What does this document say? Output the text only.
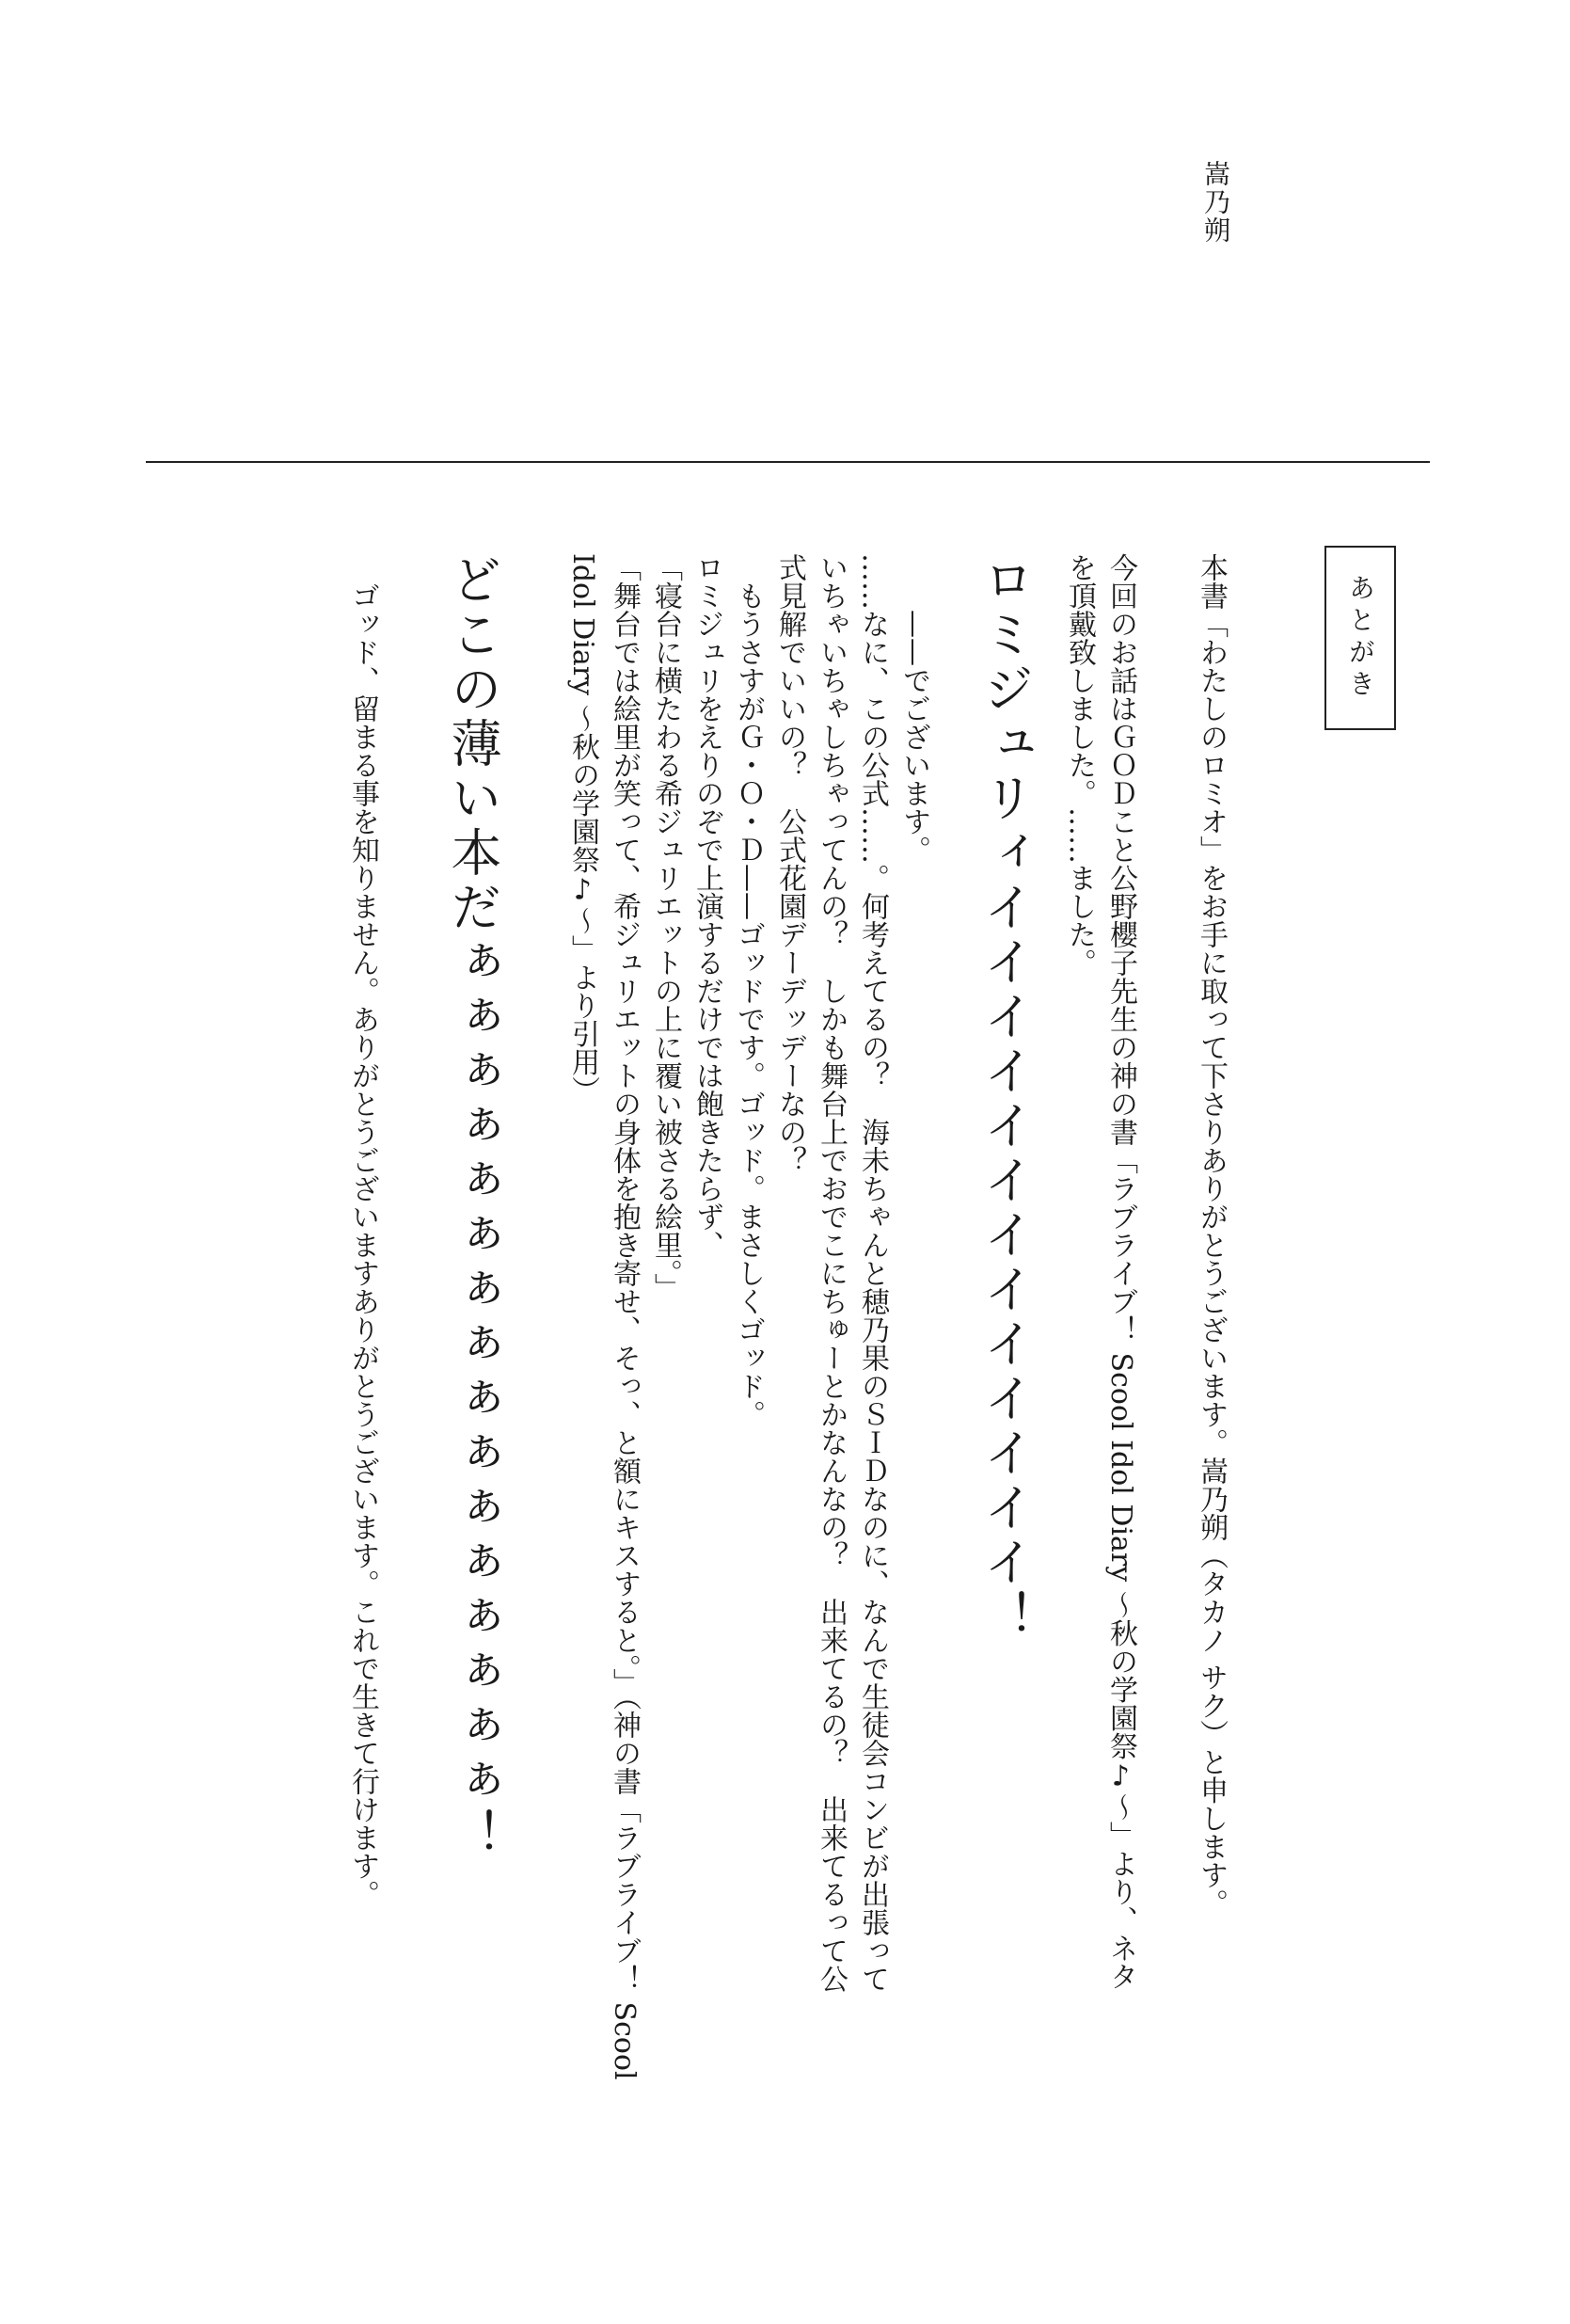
嵩乃朔
あとがき
本書「わたしのロミオ」をお手に取って下さりありがとうございます。嵩乃朔（タカノ サク）と申します。
今回のお話はＧＯＤこと公野櫻子先生の神の書「ラブライブ！ Scool Idol Diary ～秋の学園祭♪～」より、ネタ
を頂戴致しました。……ました。
ロミジュリィイイイイイイイイイイイイイ！
——でございます。
……なに、この公式……。何考えてるの？　海未ちゃんと穂乃果のＳＩＤなのに、なんで生徒会コンビが出張って
いちゃいちゃしちゃってんの？　しかも舞台上でおでこにちゅーとかなんなの？　出来てるの？　出来てるって公
式見解でいいの？　公式花園デーデッデーなの？
もうさすがＧ・Ｏ・Ｄ——ゴッドです。ゴッド。まさしくゴッド。
ロミジュリをえりのぞで上演するだけでは飽きたらず、
「寝台に横たわる希ジュリエットの上に覆い被さる絵里。」
「舞台では絵里が笑って、希ジュリエットの身体を抱き寄せ、そっ、と額にキスすると。」（神の書「ラブライブ！ Scool
Idol Diary ～秋の学園祭♪～」より引用）
どこの薄い本だぁぁぁぁぁぁぁぁぁぁぁぁぁぁぁぁ！
ゴッド、留まる事を知りません。ありがとうございますありがとうございます。これで生きて行けます。
